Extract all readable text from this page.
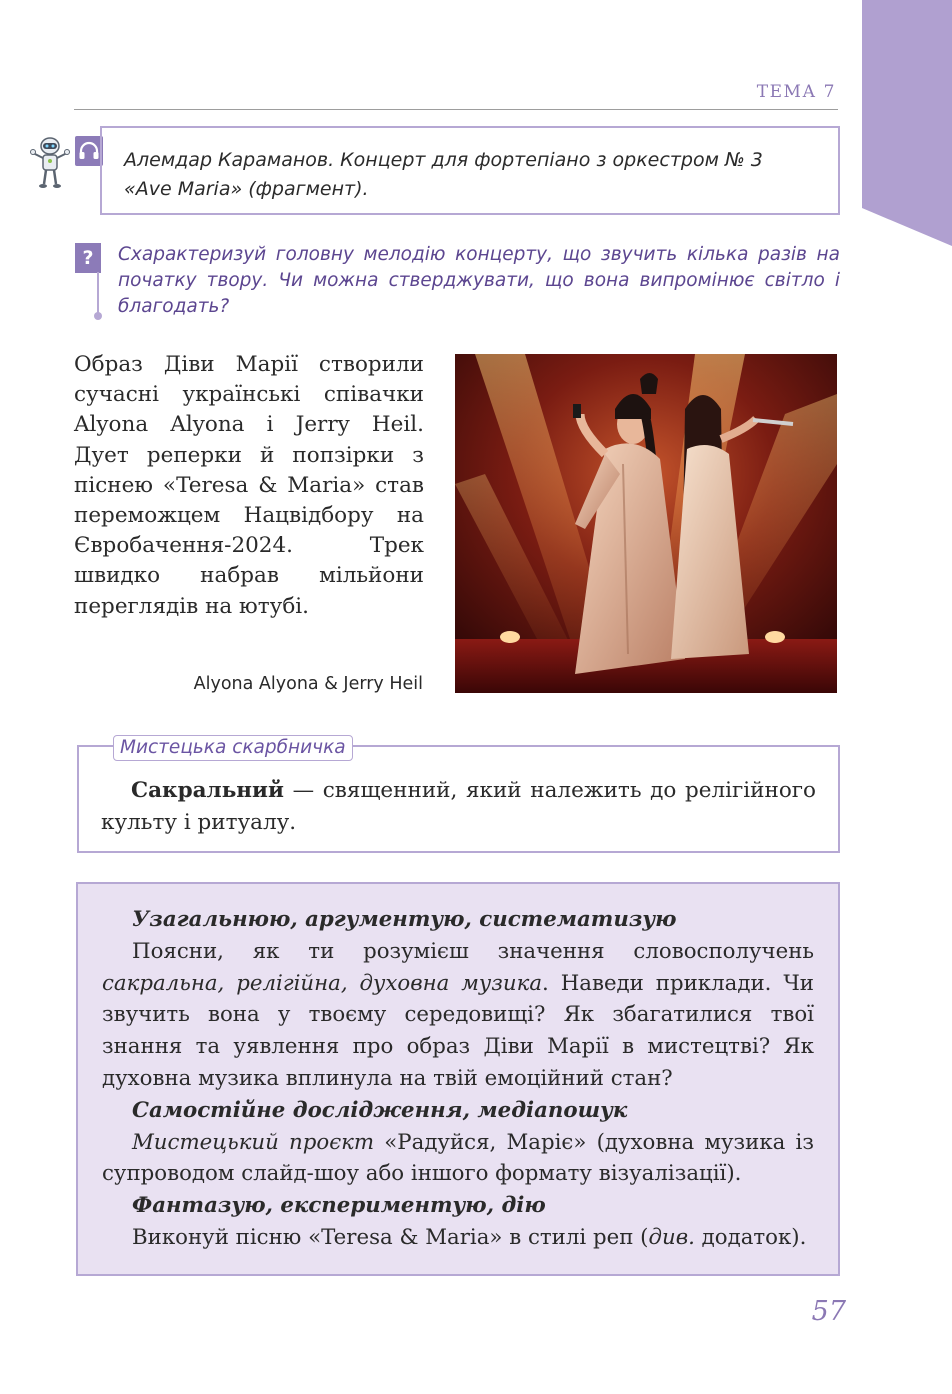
ТЕМА 7
Алемдар Караманов. Концерт для фортепіано з оркестром № 3
«Ave Maria» (фрагмент).
?	Схарактеризуй головну мелодію концерту, що звучить кілька разів на початку твору. Чи можна стверджувати, що вона випромінює світло і благодать?
Образ Діви Марії створили сучасні українські співачки Alyona Alyona і Jerry Heil. Дует реперки й попзірки з піснею «Teresa & Maria» став переможцем Нацвідбору на Євробачення-2024. Трек швидко набрав мільйони переглядів на ютубі.
Alyona Alyona & Jerry Heil
Мистецька скарбничка

Сакральний — священний, який належить до релігійного культу і ритуалу.

Узагальнюю, аргументую, систематизую

Поясни, як ти розумієш значення словосполучень сакральна, релігійна, духовна музика. Наведи приклади. Чи звучить вона у твоєму середовищі? Як збагатилися твої знання та уявлення про образ Діви Марії в мистецтві? Як духовна музика вплинула на твій емоційний стан?

Самостійне дослідження, медіапошук

Мистецький проєкт «Радуйся, Маріє» (духовна музика із супроводом слайд-шоу або іншого формату візуалізації).

Фантазую, експериментую, дію

Виконуй пісню «Teresa & Maria» в стилі реп (див. додаток).

57
